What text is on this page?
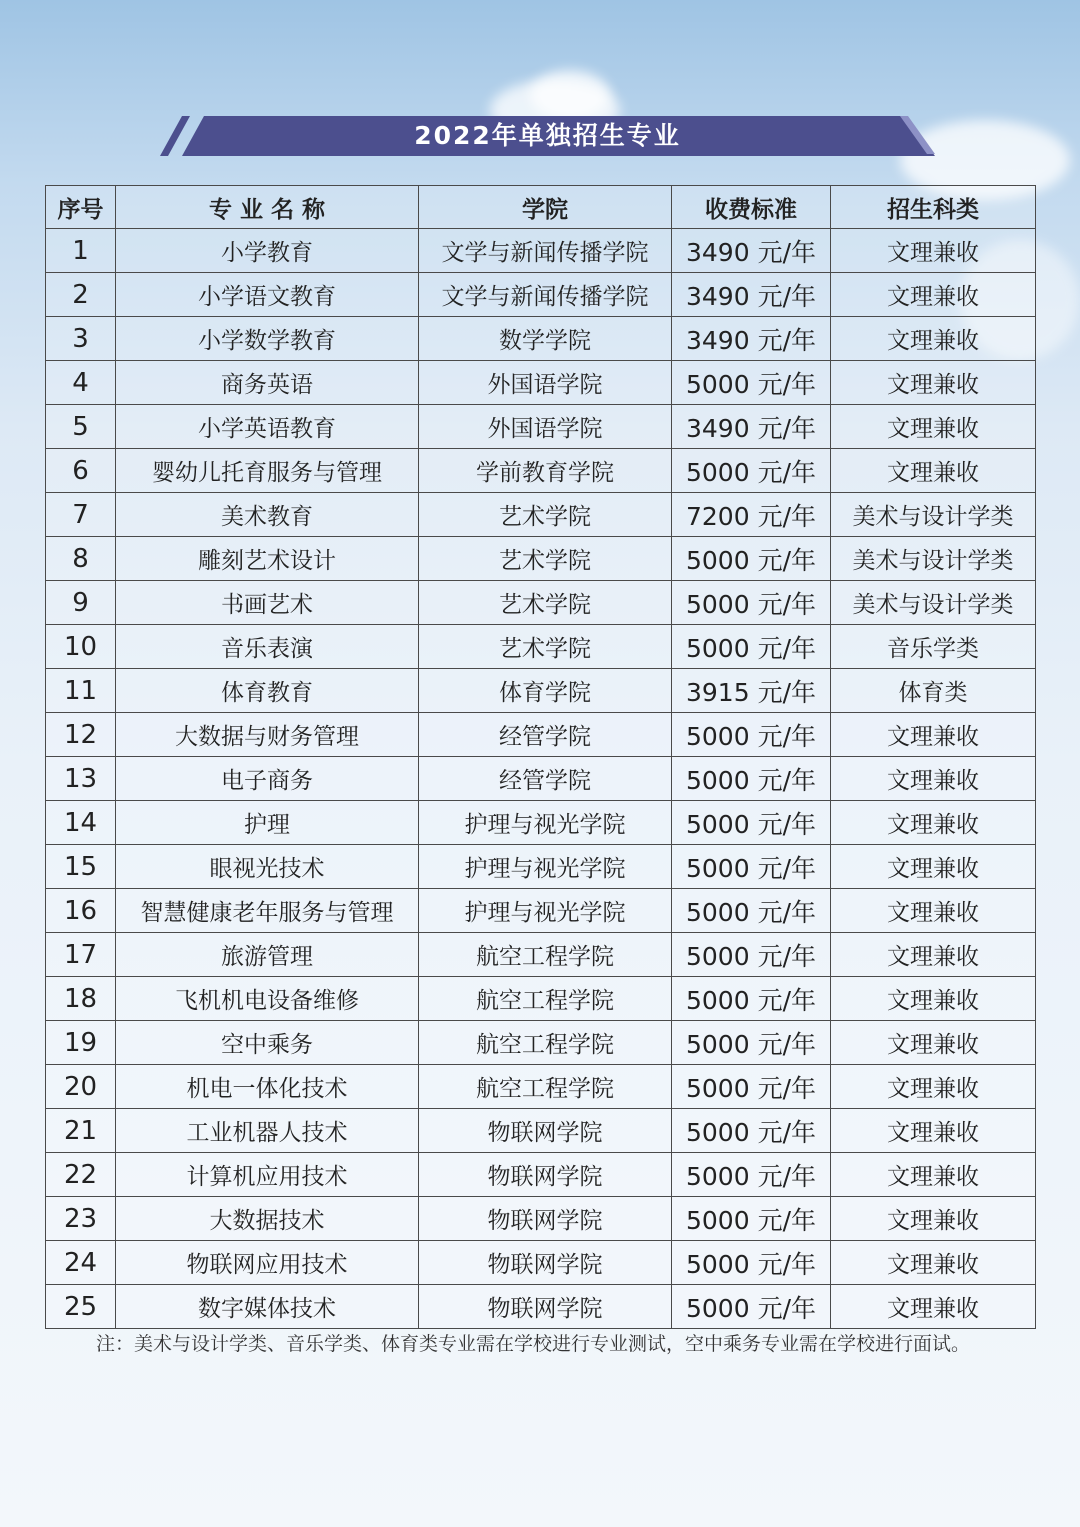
2022年单独招生专业
序号	专 业 名 称	学院	收费标准	招生科类
1	小学教育	文学与新闻传播学院	3490 元/年	文理兼收
2	小学语文教育	文学与新闻传播学院	3490 元/年	文理兼收
3	小学数学教育	数学学院	3490 元/年	文理兼收
4	商务英语	外国语学院	5000 元/年	文理兼收
5	小学英语教育	外国语学院	3490 元/年	文理兼收
6	婴幼儿托育服务与管理	学前教育学院	5000 元/年	文理兼收
7	美术教育	艺术学院	7200 元/年	美术与设计学类
8	雕刻艺术设计	艺术学院	5000 元/年	美术与设计学类
9	书画艺术	艺术学院	5000 元/年	美术与设计学类
10	音乐表演	艺术学院	5000 元/年	音乐学类
11	体育教育	体育学院	3915 元/年	体育类
12	大数据与财务管理	经管学院	5000 元/年	文理兼收
13	电子商务	经管学院	5000 元/年	文理兼收
14	护理	护理与视光学院	5000 元/年	文理兼收
15	眼视光技术	护理与视光学院	5000 元/年	文理兼收
16	智慧健康老年服务与管理	护理与视光学院	5000 元/年	文理兼收
17	旅游管理	航空工程学院	5000 元/年	文理兼收
18	飞机机电设备维修	航空工程学院	5000 元/年	文理兼收
19	空中乘务	航空工程学院	5000 元/年	文理兼收
20	机电一体化技术	航空工程学院	5000 元/年	文理兼收
21	工业机器人技术	物联网学院	5000 元/年	文理兼收
22	计算机应用技术	物联网学院	5000 元/年	文理兼收
23	大数据技术	物联网学院	5000 元/年	文理兼收
24	物联网应用技术	物联网学院	5000 元/年	文理兼收
25	数字媒体技术	物联网学院	5000 元/年	文理兼收
注：美术与设计学类、音乐学类、体育类专业需在学校进行专业测试，空中乘务专业需在学校进行面试。
